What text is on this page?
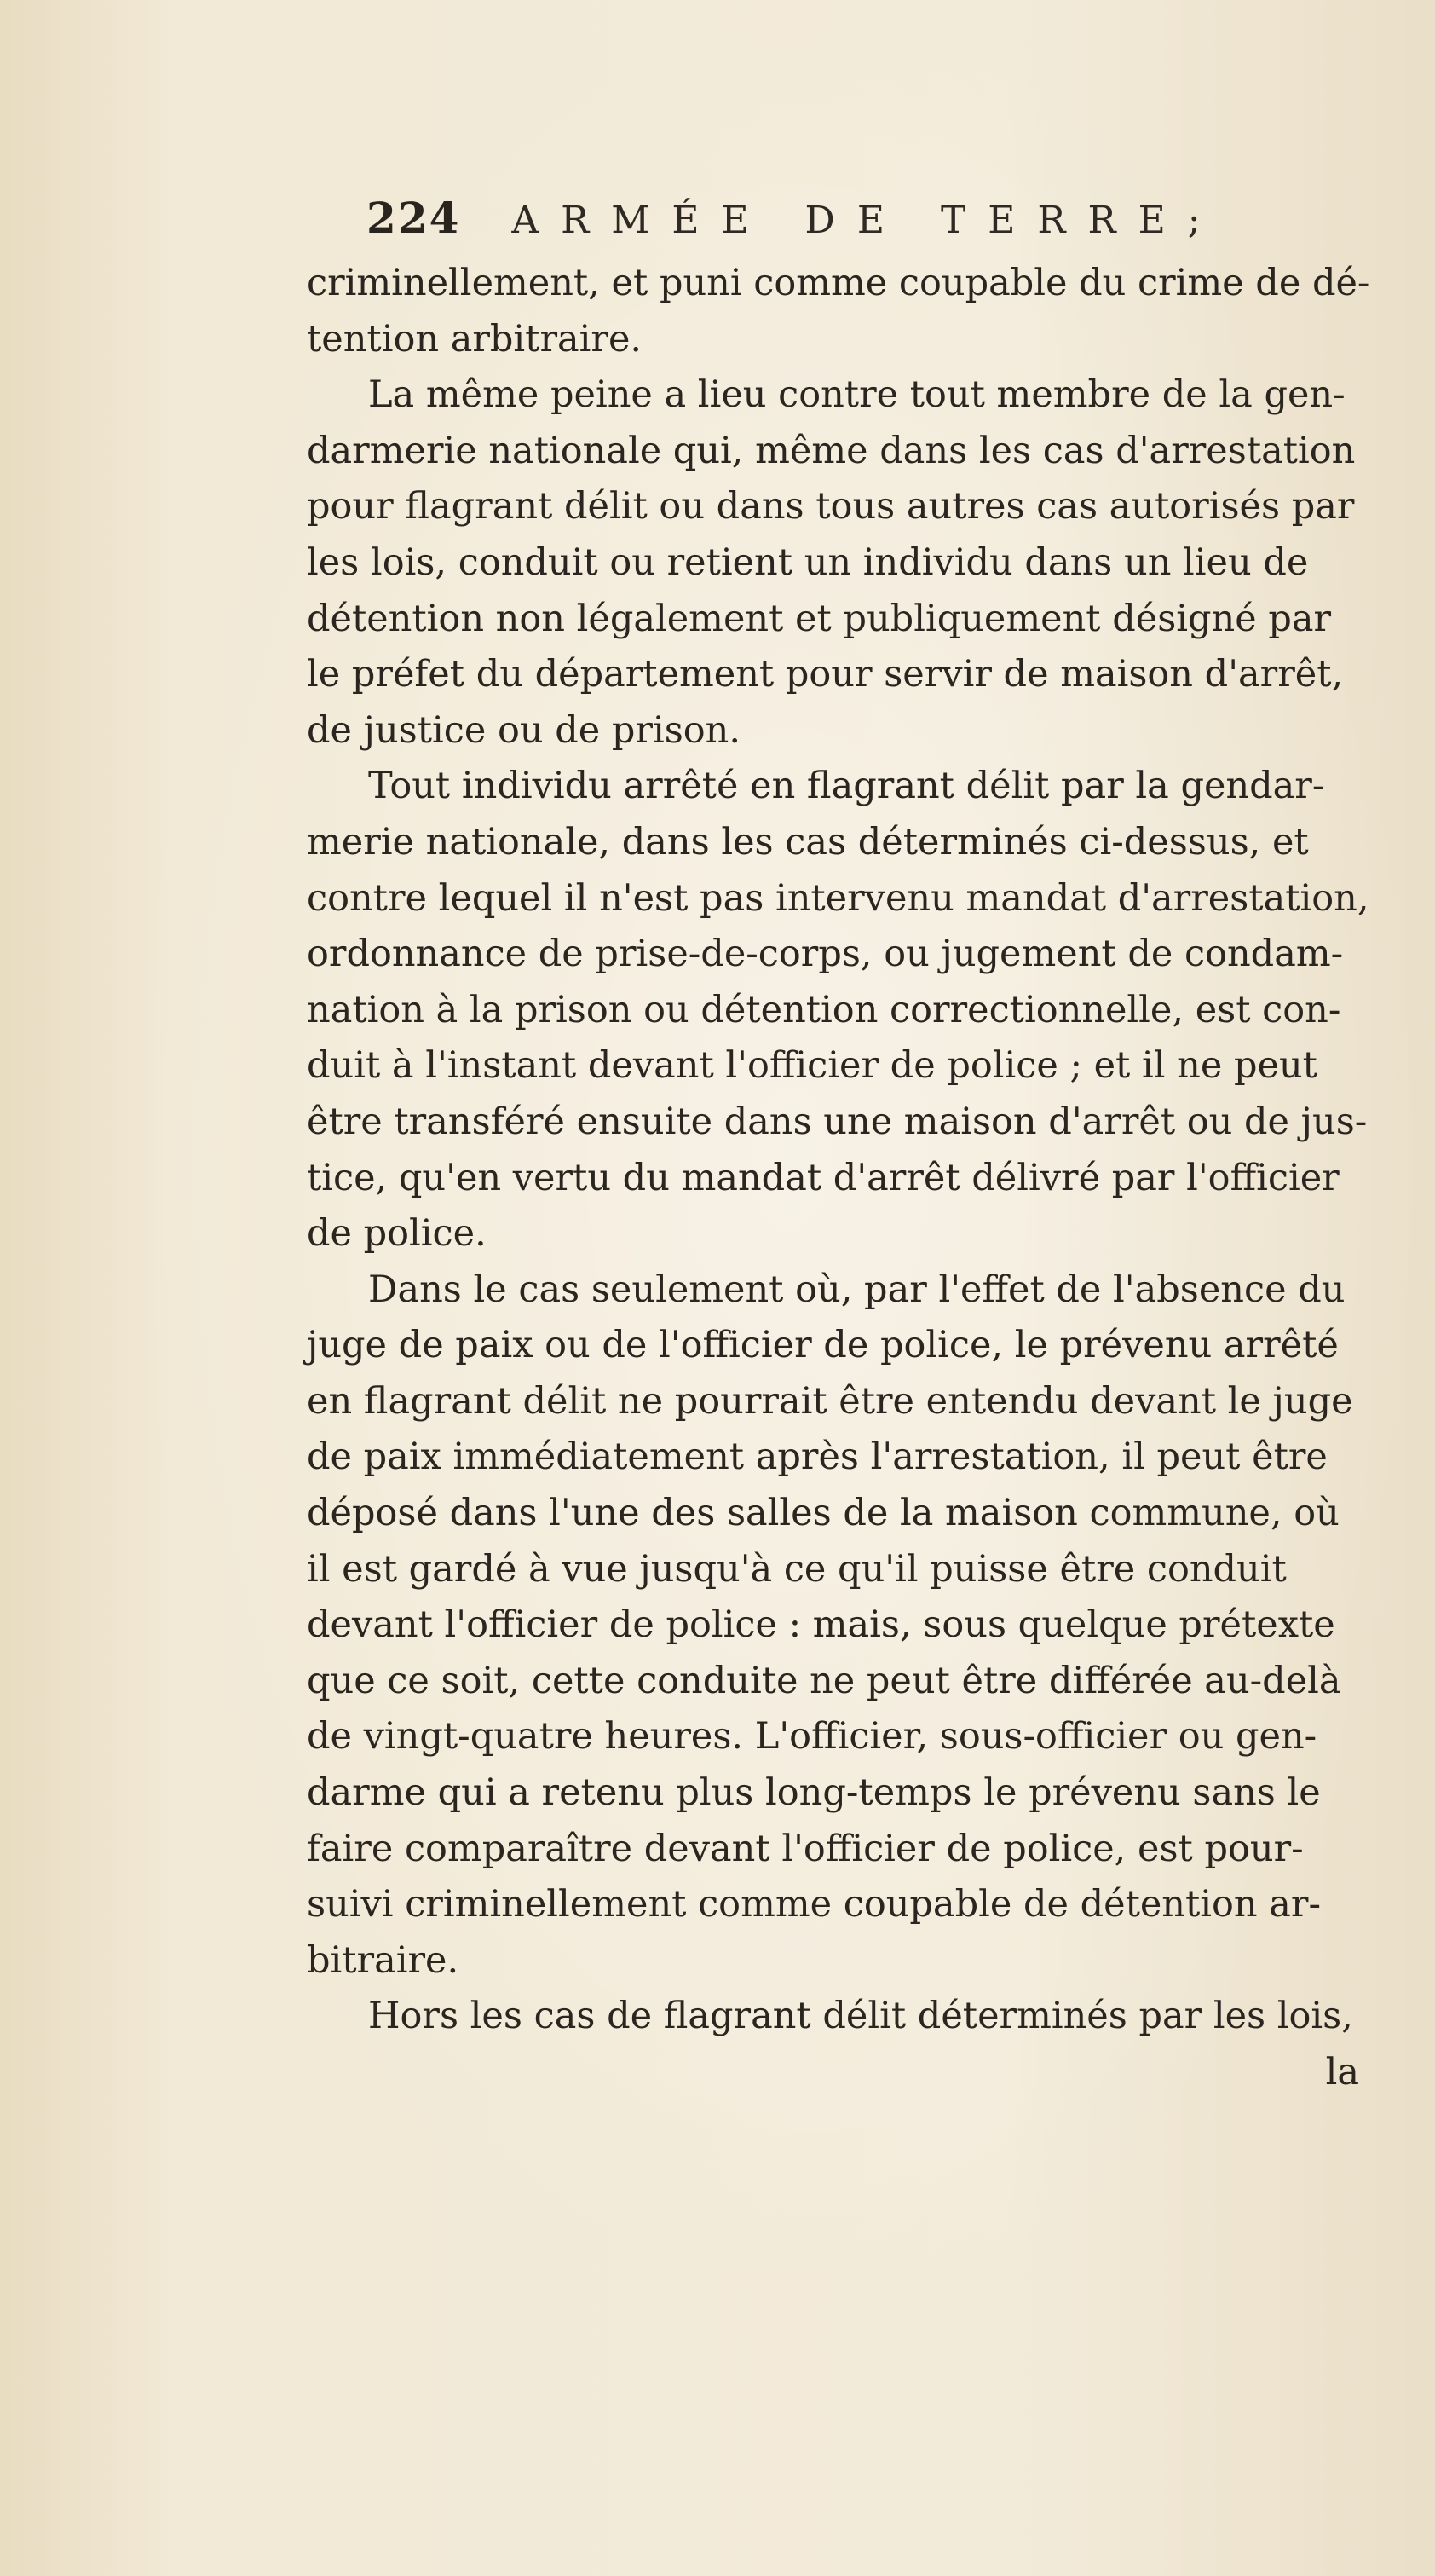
224 ARMÉE DE TERRE;
criminellement, et puni comme coupable du crime de dé-
tention arbitraire.
La même peine a lieu contre tout membre de la gen-
darmerie nationale qui, même dans les cas d'arrestation
pour flagrant délit ou dans tous autres cas autorisés par
les lois, conduit ou retient un individu dans un lieu de
détention non légalement et publiquement désigné par
le préfet du département pour servir de maison d'arrêt,
de justice ou de prison.
Tout individu arrêté en flagrant délit par la gendar-
merie nationale, dans les cas déterminés ci-dessus, et
contre lequel il n'est pas intervenu mandat d'arrestation,
ordonnance de prise-de-corps, ou jugement de condam-
nation à la prison ou détention correctionnelle, est con-
duit à l'instant devant l'officier de police ; et il ne peut
être transféré ensuite dans une maison d'arrêt ou de jus-
tice, qu'en vertu du mandat d'arrêt délivré par l'officier
de police.
Dans le cas seulement où, par l'effet de l'absence du
juge de paix ou de l'officier de police, le prévenu arrêté
en flagrant délit ne pourrait être entendu devant le juge
de paix immédiatement après l'arrestation, il peut être
déposé dans l'une des salles de la maison commune, où
il est gardé à vue jusqu'à ce qu'il puisse être conduit
devant l'officier de police : mais, sous quelque prétexte
que ce soit, cette conduite ne peut être différée au-delà
de vingt-quatre heures. L'officier, sous-officier ou gen-
darme qui a retenu plus long-temps le prévenu sans le
faire comparaître devant l'officier de police, est pour-
suivi criminellement comme coupable de détention ar-
bitraire.
Hors les cas de flagrant délit déterminés par les lois,
la
